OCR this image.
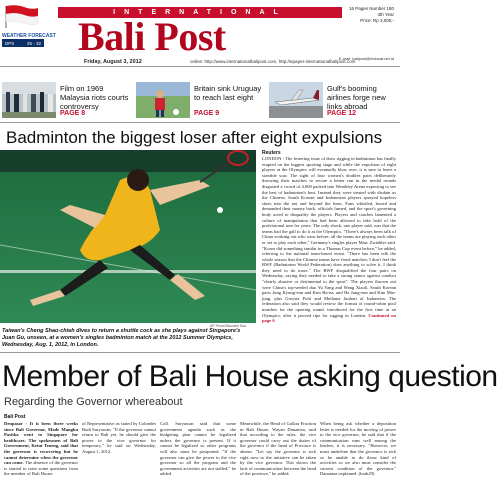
WEATHER FORECAST
DPS	25 - 32
INTERNATIONAL
Bali Post
Friday, August 3, 2012	online: http://www.internationalbalipost.com, http://epaper-internationalbalipost.com
16 Pages Number 180
4th Year
Price: Rp 3,000,-
E-mail: balipost@indosat.net.id
Film on 1969 Malaysia riots courts controversy
PAGE 8
Britain sink Uruguay to reach last eight
PAGE 9
Gulf's booming airlines forge new links abroad
PAGE 12
Badminton the biggest loser after eight expulsions
AP Photo/Saurabh Das
Taiwan's Cheng Shao-chieh dives to return a shuttle cock as she plays against Singapore's Juan Gu, unseen, at a women's singles badminton match at the 2012 Summer Olympics, Wednesday, Aug. 1, 2012, in London.
Reuters
LONDON - The festering issue of draw rigging in badminton has finally erupted on the biggest sporting stage and while the expulsion of eight players at the Olympics will eventually blow over, it is sure to leave a sizeable scar. The sight of four women's doubles pairs deliberately throwing their matches to secure a better run in the medal rounds disgusted a crowd of 4,000 packed into Wembley Arena expecting to see the best of badminton's best. Instead they were treated with disdain as the Chinese, South Korean and Indonesian players sprayed hopeless shots into the net and beyond the lines. Fans whistled, booed and demanded their money back, officials fumed, and the sport's governing body acted to disqualify the players. Players and coaches lamented a culture of manipulation that had been allowed to take hold of the professional tour for years. The only shock, one player said, was that the teams had the gall to do it at the Olympics. "There's always been talk of China working out who wins before; all the teams are playing each other or set to play each other," Germany's singles player Marc Zwiebler said. "Korea did something similar in a Thomas Cup event before," he added, referring to the national team-based event. "There has been talk the whole season that the Chinese teams have fixed matches; I don't feel the BWF (Badminton World Federation) does anything to solve it. I think they need to do more." The BWF disqualified the four pairs on Wednesday, saying they needed to take a strong stance against conduct "clearly abusive or detrimental to the sport". The players thrown out were China's top-seeded duo Yu Yang and Wang Xiaoli, South Korean pairs Jung Kyung-eun and Kim Ha-na, and Ha Jung-eun and Kim Min-jung, plus Greysia Polii and Meiliana Jauhari of Indonesia. The federation also said they would review the format of round-robin pool matches for the opening round, introduced for the first time at an Olympics, after it proved ripe for rigging in London. Continued on page 6
Member of Bali House asking question
Regarding the Governor whereabout
Bali Post
Denpasar - It is been three weeks since Bali Governor, Made Mangku Pastika went to Singapore for healthcare. The spokesmen of Bali Government, Ketut Teneng, said that the governor is recovering but he cannot determine when the governor can come. The absence of the governor is started to raise some questions from the member of Bali House
of Representative as stated by Colonder Budi Suryawan. "If the governor cannot return to Bali yet, he should give the power to the vice governor for temporary," he said on Wednesday, August 1, 2012.
Coll. Suryawan said that some government agenda such as the budgeting plan cannot be legalized unless the governor is present. If it cannot be legalized so other programs will also must be postponed. "If the governor can give the power to the vice governor so all the program and the government activities are not stalled," he added.
Meanwhile, the Head of Golkar Fraction in Bali House, Wayan Dananiaa, said that according to the rules, the vice governor could carry out the duties of the governor if the head of Province is absent. "Let say the governor is sick right now so the initiative can be taken by the vice governor. This shows the lack of communication between the head of the province," he added.
When being ask whether a deposition letter is needed for the moving of power to the vice governor, he said that if the communication runs well among the leaders, it is necessary. "However, we must underline that the governor is sick so he unable to do those kind of activities so we also must consider the current condition of the governor." Dananiaa explained. (kmb29)
